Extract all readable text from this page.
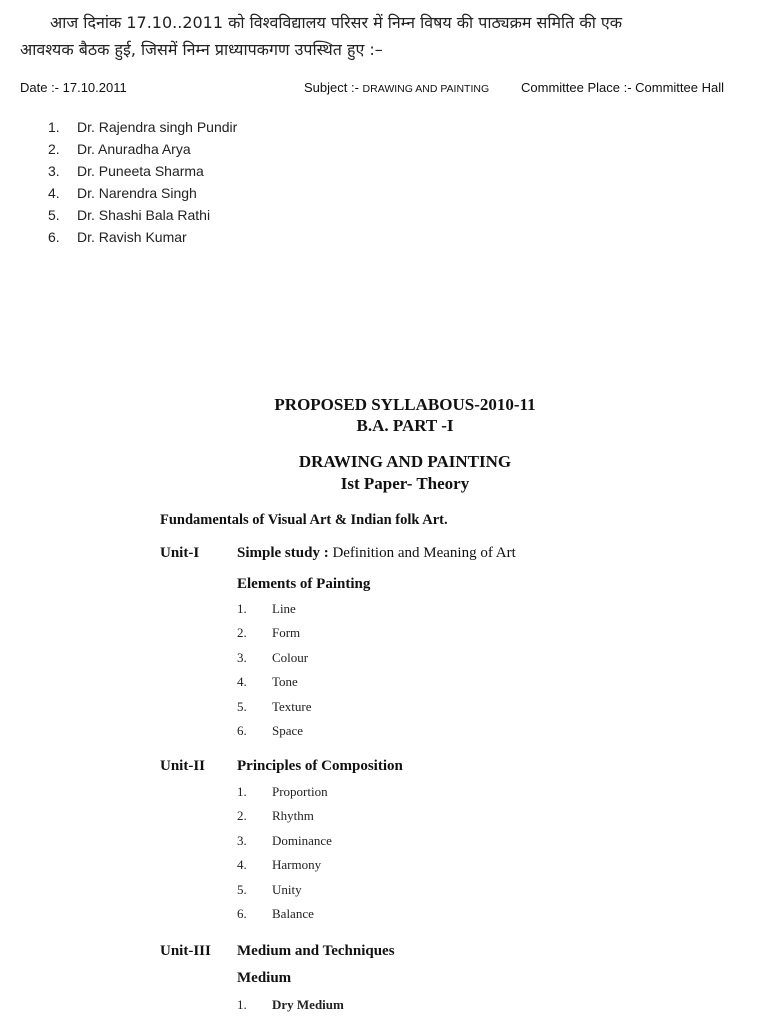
आज दिनांक 17.10..2011 को विश्वविद्यालय परिसर में निम्न विषय की पाठ्यक्रम समिति की एक
आवश्यक बैठक हुई, जिसमें निम्न प्राध्यापकगण उपस्थित हुए :–
Date :- 17.10.2011	Subject :- DRAWING AND PAINTING Committee Place :- Committee Hall
1.	Dr. Rajendra singh Pundir
2.	Dr. Anuradha Arya
3.	Dr. Puneeta Sharma
4.	Dr. Narendra Singh
5.	Dr. Shashi Bala Rathi
6.	Dr. Ravish Kumar
PROPOSED SYLLABOUS-2010-11
B.A. PART -I
DRAWING AND PAINTING
Ist Paper- Theory
Fundamentals of Visual Art & Indian folk Art.
Unit-I	Simple study : Definition and Meaning of Art
Elements of Painting
1.	Line
2.	Form
3.	Colour
4.	Tone
5.	Texture
6.	Space
Unit-II Principles of Composition
1.	Proportion
2.	Rhythm
3.	Dominance
4.	Harmony
5.	Unity
6.	Balance
Unit-III Medium and Techniques
Medium
1.	Dry Medium
